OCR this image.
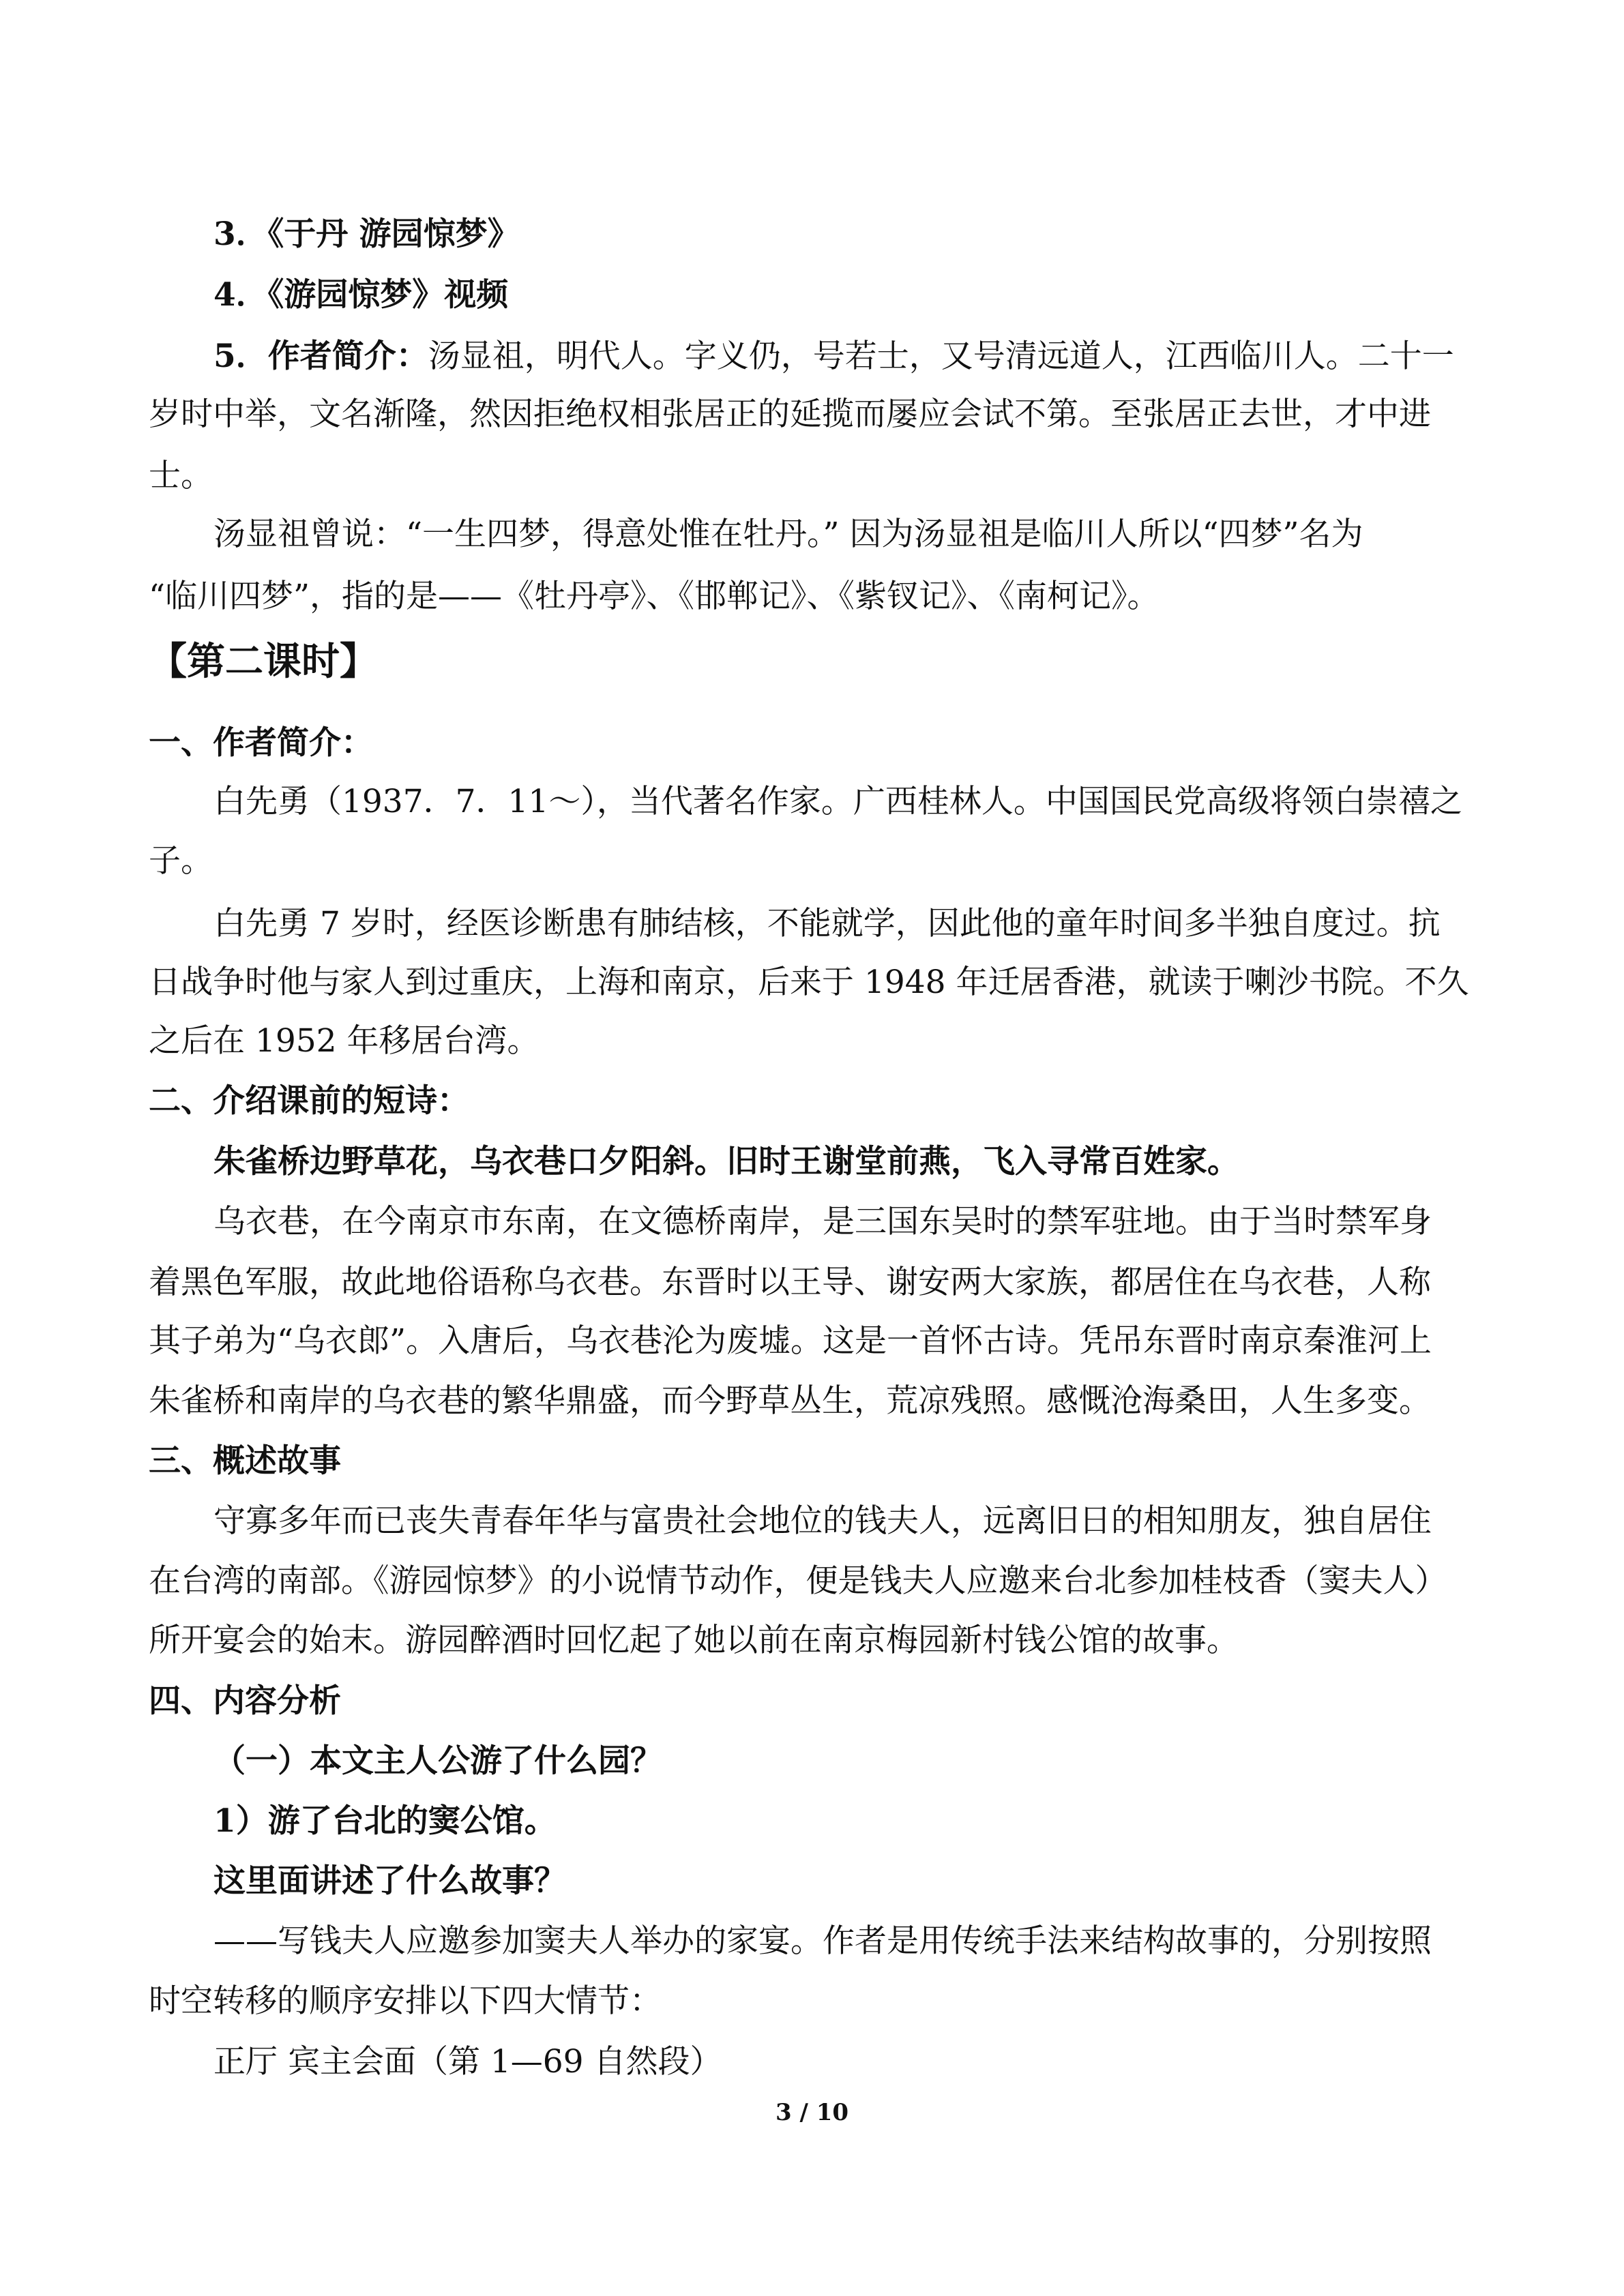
3．《于丹 游园惊梦》
4．《游园惊梦》视频
5．作者简介：汤显祖，明代人。字义仍，号若士，又号清远道人，江西临川人。二十一
岁时中举，文名渐隆，然因拒绝权相张居正的延揽而屡应会试不第。至张居正去世，才中进
士。
汤显祖曾说：“一生四梦，得意处惟在牡丹。” 因为汤显祖是临川人所以“四梦”名为
“临川四梦”，指的是——《牡丹亭》、《邯郸记》、《紫钗记》、《南柯记》。
【第二课时】
一、作者简介：
白先勇（1937．7．11～），当代著名作家。广西桂林人。中国国民党高级将领白崇禧之
子。
白先勇 7 岁时，经医诊断患有肺结核，不能就学，因此他的童年时间多半独自度过。抗
日战争时他与家人到过重庆，上海和南京，后来于 1948 年迁居香港，就读于喇沙书院。不久
之后在 1952 年移居台湾。
二、介绍课前的短诗：
朱雀桥边野草花，乌衣巷口夕阳斜。旧时王谢堂前燕，飞入寻常百姓家。
乌衣巷，在今南京市东南，在文德桥南岸，是三国东吴时的禁军驻地。由于当时禁军身
着黑色军服，故此地俗语称乌衣巷。东晋时以王导、谢安两大家族，都居住在乌衣巷，人称
其子弟为“乌衣郎”。入唐后，乌衣巷沦为废墟。这是一首怀古诗。凭吊东晋时南京秦淮河上
朱雀桥和南岸的乌衣巷的繁华鼎盛，而今野草丛生，荒凉残照。感慨沧海桑田，人生多变。
三、概述故事
守寡多年而已丧失青春年华与富贵社会地位的钱夫人，远离旧日的相知朋友，独自居住
在台湾的南部。《游园惊梦》的小说情节动作，便是钱夫人应邀来台北参加桂枝香（窦夫人）
所开宴会的始末。游园醉酒时回忆起了她以前在南京梅园新村钱公馆的故事。
四、内容分析
（一）本文主人公游了什么园？
1）游了台北的窦公馆。
这里面讲述了什么故事？
——写钱夫人应邀参加窦夫人举办的家宴。作者是用传统手法来结构故事的，分别按照
时空转移的顺序安排以下四大情节：
正厅 宾主会面（第 1—69 自然段）
3 / 10
